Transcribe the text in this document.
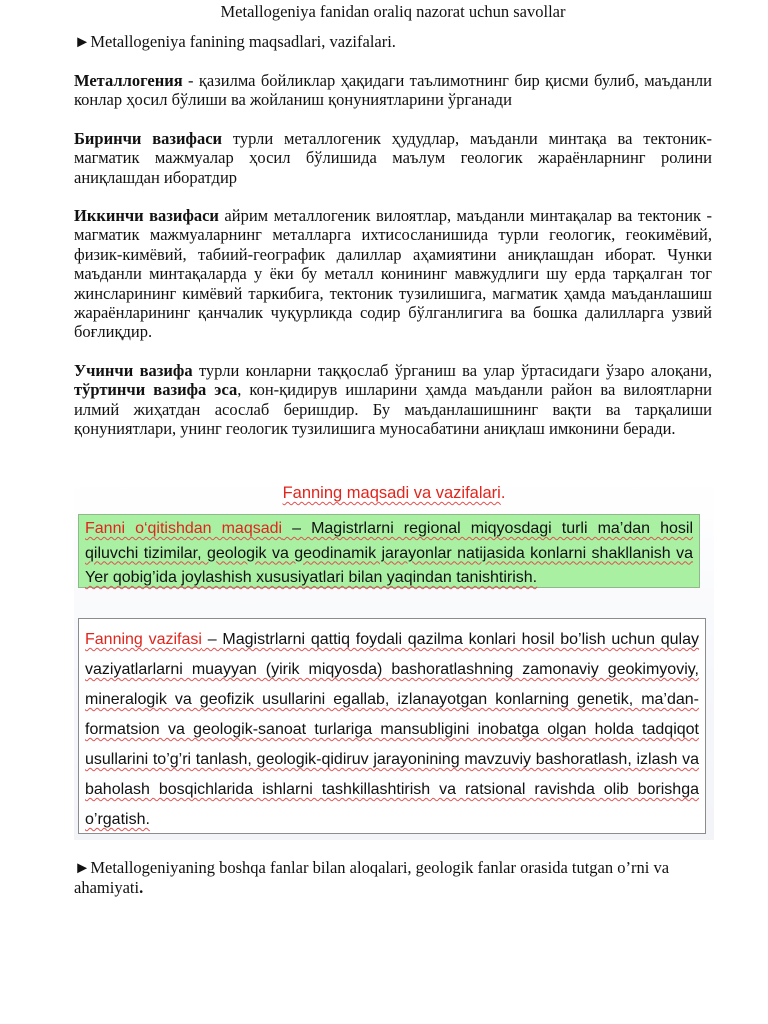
Metallogeniya fanidan oraliq nazorat uchun savollar
►Metallogeniya fanining maqsadlari, vazifalari.
Металлогения - қазилма бойликлар ҳақидаги таълимотнинг бир қисми булиб, маъданли конлар ҳосил бўлиши ва жойланиш қонуниятларини ўрганади
Биринчи вазифаси турли металлогеник ҳудудлар, маъданли минтақа ва тектоник-магматик мажмуалар ҳосил бўлишида маълум геологик жараёнларнинг ролини аниқлашдан иборатдир
Иккинчи вазифаси айрим металлогеник вилоятлар, маъданли минтақалар ва тектоник - магматик мажмуаларнинг металларга ихтисосланишида турли геологик, геокимёвий, физик-кимёвий, табиий-географик далиллар аҳамиятини аниқлашдан иборат. Чунки маъданли минтақаларда у ёки бу металл конининг мавжудлиги шу ерда тарқалган тог жинсларининг кимёвий таркибига, тектоник тузилишига, магматик ҳамда маъданлашиш жараёнларининг қанчалик чуқурликда содир бўлганлигига ва бошка далилларга узвий боғлиқдир.
Учинчи вазифа турли конларни таққослаб ўрганиш ва улар ўртасидаги ўзаро алоқани, тўртинчи вазифа эса, кон-қидирув ишларини ҳамда маъданли район ва вилоятларни илмий жиҳатдан асослаб беришдир. Бу маъданлашишнинг вақти ва тарқалиши қонуниятлари, унинг геологик тузилишига муносабатини аниқлаш имконини беради.
Fanning maqsadi va vazifalari.
Fanni o‘qitishdan maqsadi – Magistrlarni regional miqyosdagi turli ma’dan hosil qiluvchi tizimilar, geologik va geodinamik jarayonlar natijasida konlarni shakllanish va Yer qobig’ida joylashish xususiyatlari bilan yaqindan tanishtirish.
Fanning vazifasi – Magistrlarni qattiq foydali qazilma konlari hosil bo’lish uchun qulay vaziyatlarlarni muayyan (yirik miqyosda) bashoratlashning zamonaviy geokimyoviy, mineralogik va geofizik usullarini egallab, izlanayotgan konlarning genetik, ma’dan-formatsion va geologik-sanoat turlariga mansubligini inobatga olgan holda tadqiqot usullarini to’g’ri tanlash, geologik-qidiruv jarayonining mavzuviy bashoratlash, izlash va baholash bosqichlarida ishlarni tashkillashtirish va ratsional ravishda olib borishga o’rgatish.
►Metallogeniyaning boshqa fanlar bilan aloqalari, geologik fanlar orasida tutgan o’rni va ahamiyati.
